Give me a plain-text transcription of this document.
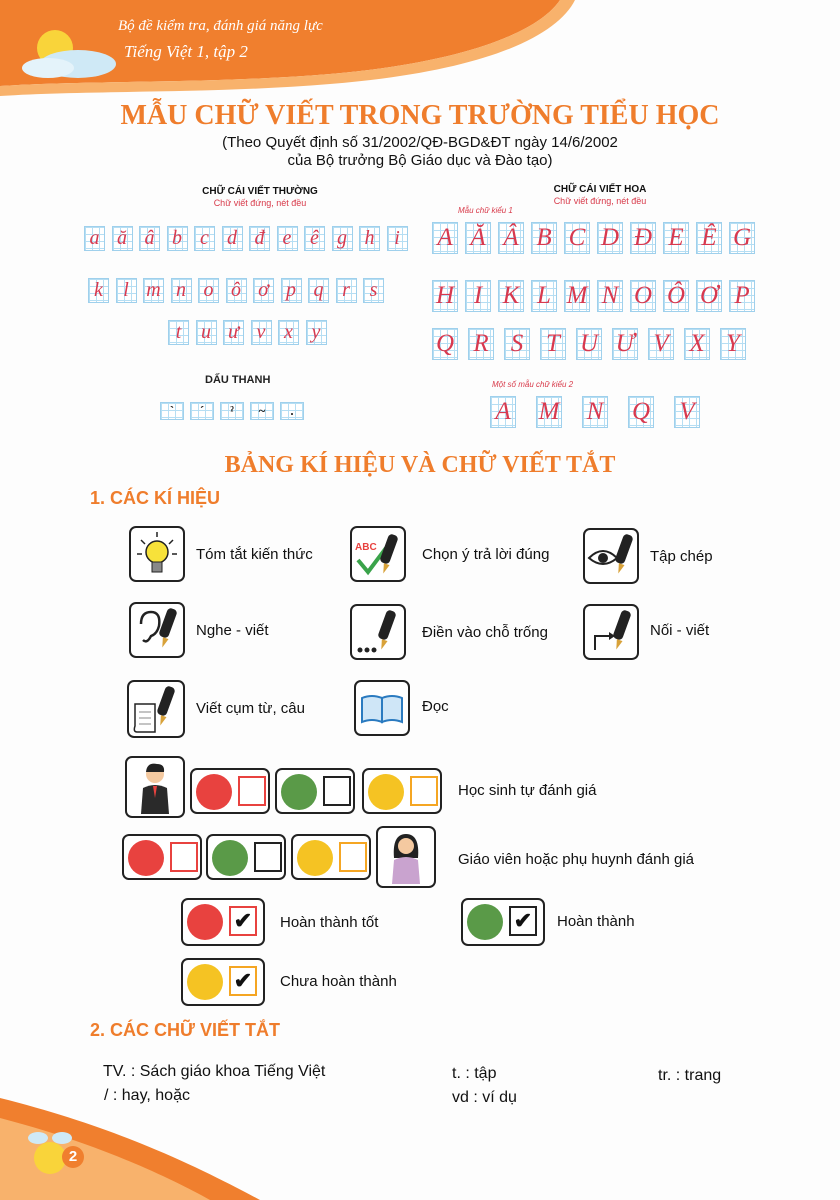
Bộ đề kiểm tra, đánh giá năng lực
Tiếng Việt 1, tập 2
MẪU CHỮ VIẾT TRONG TRƯỜNG TIỂU HỌC
(Theo Quyết định số 31/2002/QĐ-BGD&ĐT ngày 14/6/2002
của Bộ trưởng Bộ Giáo dục và Đào tạo)
CHỮ CÁI VIẾT THƯỜNG
Chữ viết đứng, nét đều
a ă â b c d đ e ê g h i
k	l m n o ô ơ p q r s
t u ư v x y
CHỮ CÁI VIẾT HOA
Chữ viết đứng, nét đều
Mẫu chữ kiểu 1
A Ă Â B C D Đ E Ê G
H I K L M N O Ô Ơ P
Q R S T U Ư V X Y
A M N Q V
Một số mẫu chữ kiểu 2
DẤU THANH
`	ˊ	ˀ	~	.
BẢNG KÍ HIỆU VÀ CHỮ VIẾT TẮT
1. CÁC KÍ HIỆU
Tóm tắt kiến thức	ABC	Chọn ý trả lời đúng	Tập chép
Nghe - viết	Điền vào chỗ trống	Nối - viết
Viết cụm từ, câu	Đọc
Học sinh tự đánh giá
Giáo viên hoặc phụ huynh đánh giá
✔	Hoàn thành tốt	✔	Hoàn thành
✔	Chưa hoàn thành
2. CÁC CHỮ VIẾT TẮT
TV. : Sách giáo khoa Tiếng Việt	t. : tập	tr. : trang
/ : hay, hoặc	vd : ví dụ
2
